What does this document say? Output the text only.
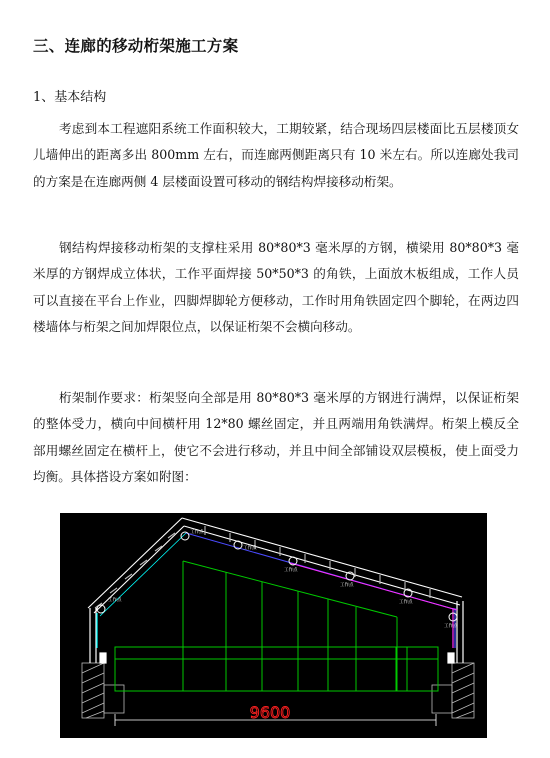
三、连廊的移动桁架施工方案
1、基本结构

考虑到本工程遮阳系统工作面积较大，工期较紧，结合现场四层楼面比五层楼顶女儿墙伸出的距离多出 800mm 左右，而连廊两侧距离只有 10 米左右。所以连廊处我司的方案是在连廊两侧 4 层楼面设置可移动的钢结构焊接移动桁架。

钢结构焊接移动桁架的支撑柱采用 80*80*3 毫米厚的方钢，横梁用 80*80*3 毫米厚的方钢焊成立体状，工作平面焊接 50*50*3 的角铁，上面放木板组成，工作人员可以直接在平台上作业，四脚焊脚轮方便移动，工作时用角铁固定四个脚轮，在两边四楼墙体与桁架之间加焊限位点，以保证桁架不会横向移动。

桁架制作要求：桁架竖向全部是用 80*80*3 毫米厚的方钢进行满焊，以保证桁架的整体受力，横向中间横杆用 12*80 螺丝固定，并且两端用角铁满焊。桁架上模反全部用螺丝固定在横杆上，使它不会进行移动，并且中间全部铺设双层模板，使上面受力均衡。具体搭设方案如附图：

工作点
工作点
工作点
工作点
工作点
工作点
工作点
9600
